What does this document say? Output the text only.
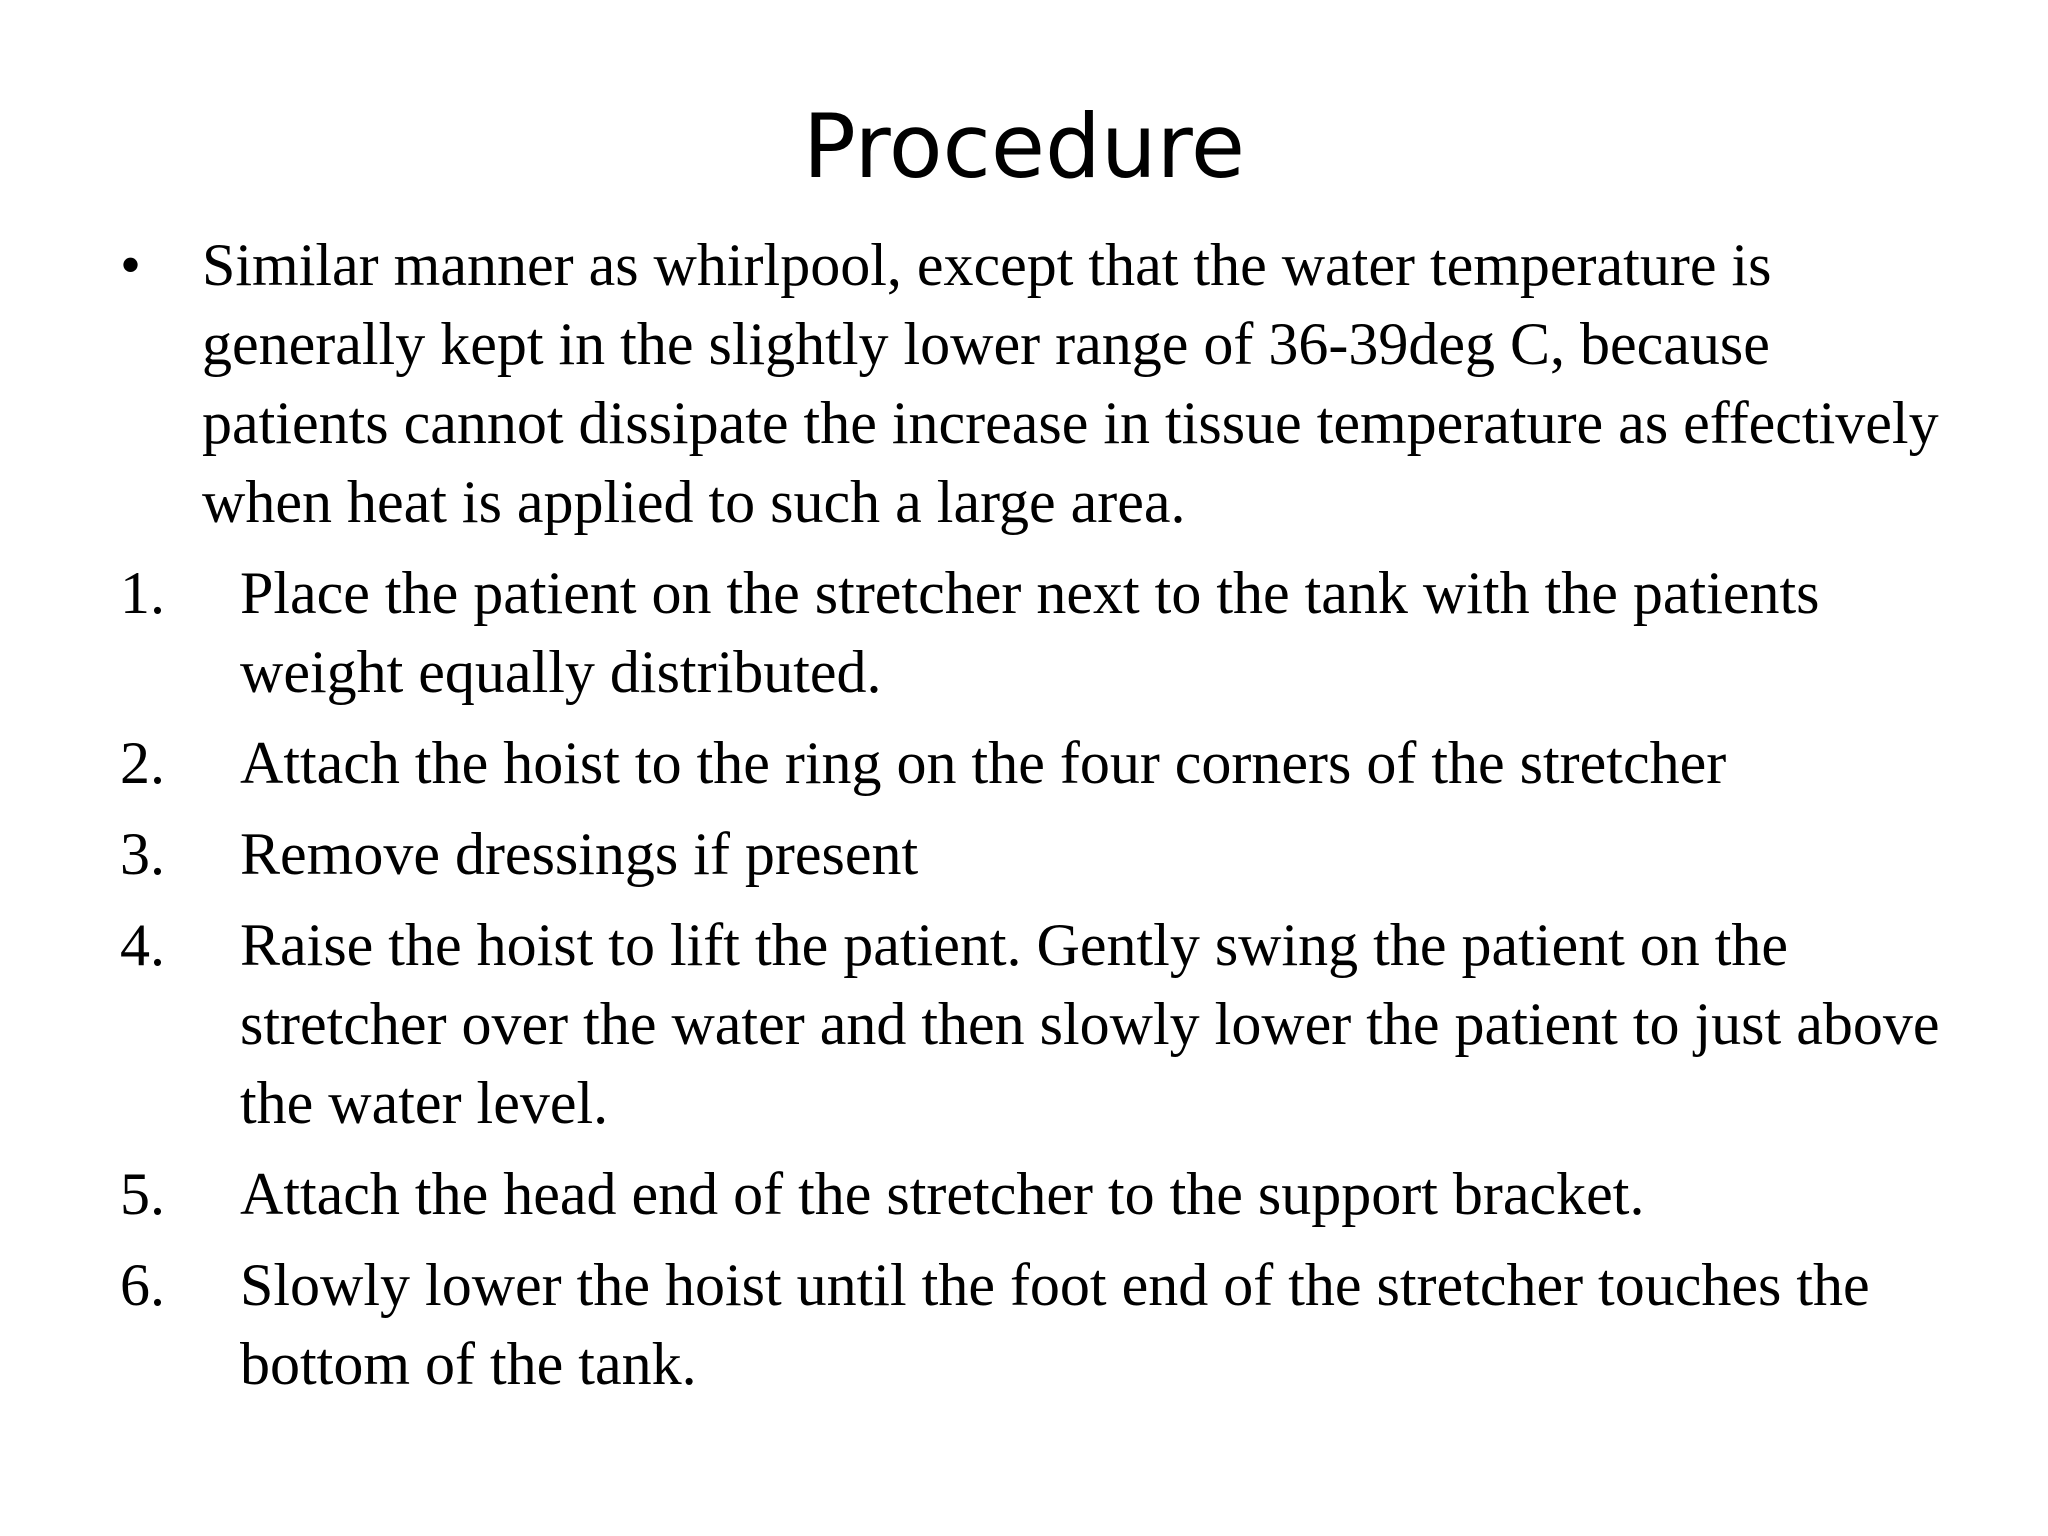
Procedure
• Similar manner as whirlpool, except that the water temperature is generally kept in the slightly lower range of 36-39deg C, because patients cannot dissipate the increase in tissue temperature as effectively when heat is applied to such a large area.
1. Place the patient on the stretcher next to the tank with the patients weight equally distributed.
2. Attach the hoist to the ring on the four corners of the stretcher
3. Remove dressings if present
4. Raise the hoist to lift the patient. Gently swing the patient on the stretcher over the water and then slowly lower the patient to just above the water level.
5. Attach the head end of the stretcher to the support bracket.
6. Slowly lower the hoist until the foot end of the stretcher touches the bottom of the tank.
